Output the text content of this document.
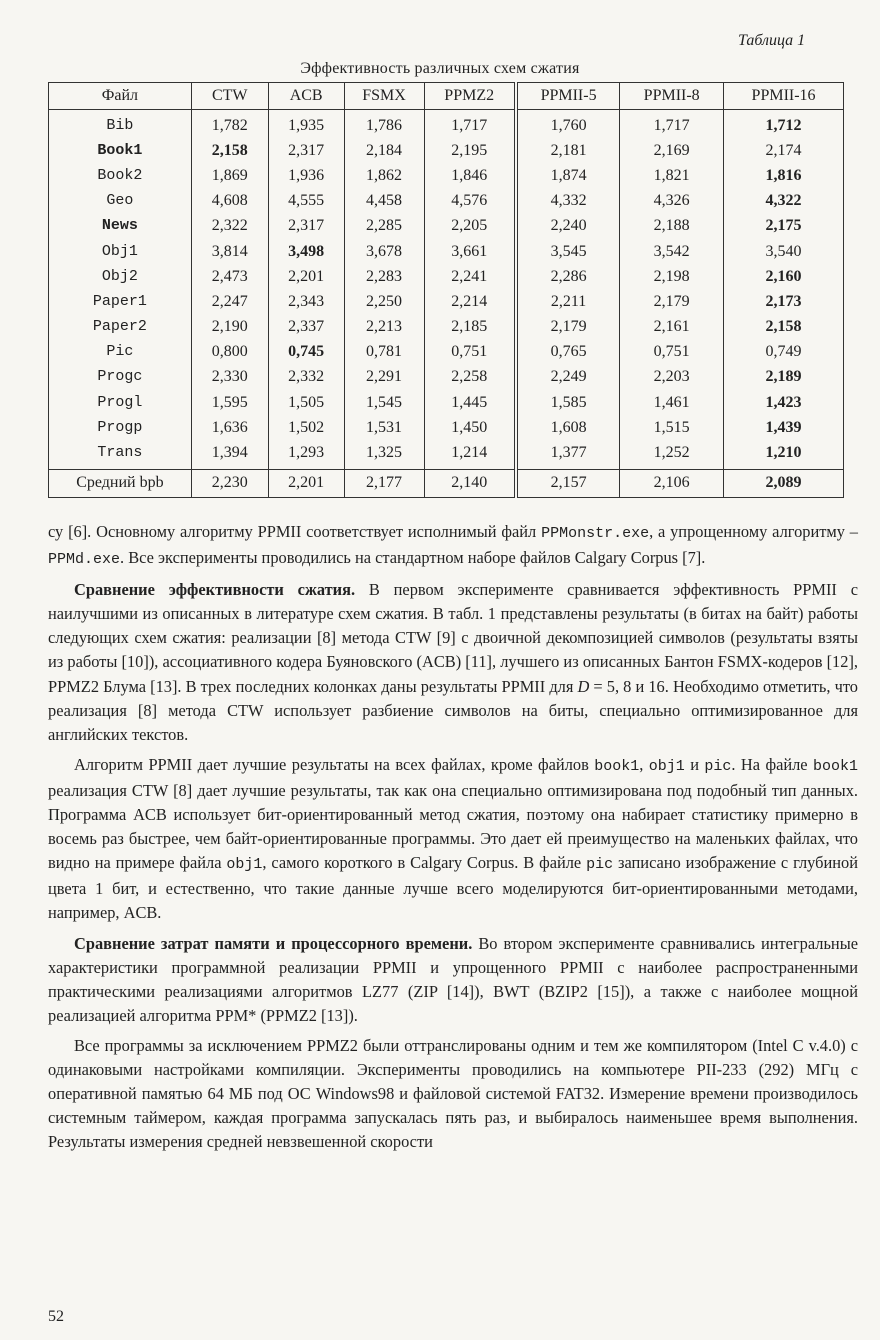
Таблица 1
Эффективность различных схем сжатия
Файл	CTW	ACB	FSMX	PPMZ2	PPMII-5	PPMII-8	PPMII-16
Bib	1,782	1,935	1,786	1,717	1,760	1,717	1,712
Book1	2,158	2,317	2,184	2,195	2,181	2,169	2,174
Book2	1,869	1,936	1,862	1,846	1,874	1,821	1,816
Geo	4,608	4,555	4,458	4,576	4,332	4,326	4,322
News	2,322	2,317	2,285	2,205	2,240	2,188	2,175
Obj1	3,814	3,498	3,678	3,661	3,545	3,542	3,540
Obj2	2,473	2,201	2,283	2,241	2,286	2,198	2,160
Paper1	2,247	2,343	2,250	2,214	2,211	2,179	2,173
Paper2	2,190	2,337	2,213	2,185	2,179	2,161	2,158
Pic	0,800	0,745	0,781	0,751	0,765	0,751	0,749
Progc	2,330	2,332	2,291	2,258	2,249	2,203	2,189
Progl	1,595	1,505	1,545	1,445	1,585	1,461	1,423
Progp	1,636	1,502	1,531	1,450	1,608	1,515	1,439
Trans	1,394	1,293	1,325	1,214	1,377	1,252	1,210
Средний bpb	2,230	2,201	2,177	2,140	2,157	2,106	2,089

су [6]. Основному алгоритму PPMII соответствует исполнимый файл PPMonstr.exe, а упрощенному алгоритму – PPMd.exe. Все эксперименты проводились на стандартном наборе файлов Calgary Corpus [7].

Сравнение эффективности сжатия. В первом эксперименте сравнивается эффективность PPMII с наилучшими из описанных в литературе схем сжатия. В табл. 1 представлены результаты (в битах на байт) работы следующих схем сжатия: реализации [8] метода CTW [9] с двоичной декомпозицией символов (результаты взяты из работы [10]), ассоциативного кодера Буяновского (ACB) [11], лучшего из описанных Бантон FSMX-кодеров [12], PPMZ2 Блума [13]. В трех последних колонках даны результаты PPMII для D = 5, 8 и 16. Необходимо отметить, что реализация [8] метода CTW использует разбиение символов на биты, специально оптимизированное для английских текстов.

Алгоритм PPMII дает лучшие результаты на всех файлах, кроме файлов book1, obj1 и pic. На файле book1 реализация CTW [8] дает лучшие результаты, так как она специально оптимизирована под подобный тип данных. Программа ACB использует бит-ориентированный метод сжатия, поэтому она набирает статистику примерно в восемь раз быстрее, чем байт-ориентированные программы. Это дает ей преимущество на маленьких файлах, что видно на примере файла obj1, самого короткого в Calgary Corpus. В файле pic записано изображение с глубиной цвета 1 бит, и естественно, что такие данные лучше всего моделируются бит-ориентированными методами, например, ACB.

Сравнение затрат памяти и процессорного времени. Во втором эксперименте сравнивались интегральные характеристики программной реализации PPMII и упрощенного PPMII с наиболее распространенными практическими реализациями алгоритмов LZ77 (ZIP [14]), BWT (BZIP2 [15]), а также с наиболее мощной реализацией алгоритма PPM* (PPMZ2 [13]).

Все программы за исключением PPMZ2 были оттранслированы одним и тем же компилятором (Intel C v.4.0) с одинаковыми настройками компиляции. Эксперименты проводились на компьютере PII-233 (292) МГц с оперативной памятью 64 МБ под ОС Windows98 и файловой системой FAT32. Измерение времени производилось системным таймером, каждая программа запускалась пять раз, и выбиралось наименьшее время выполнения. Результаты измерения средней невзвешенной скорости

52
